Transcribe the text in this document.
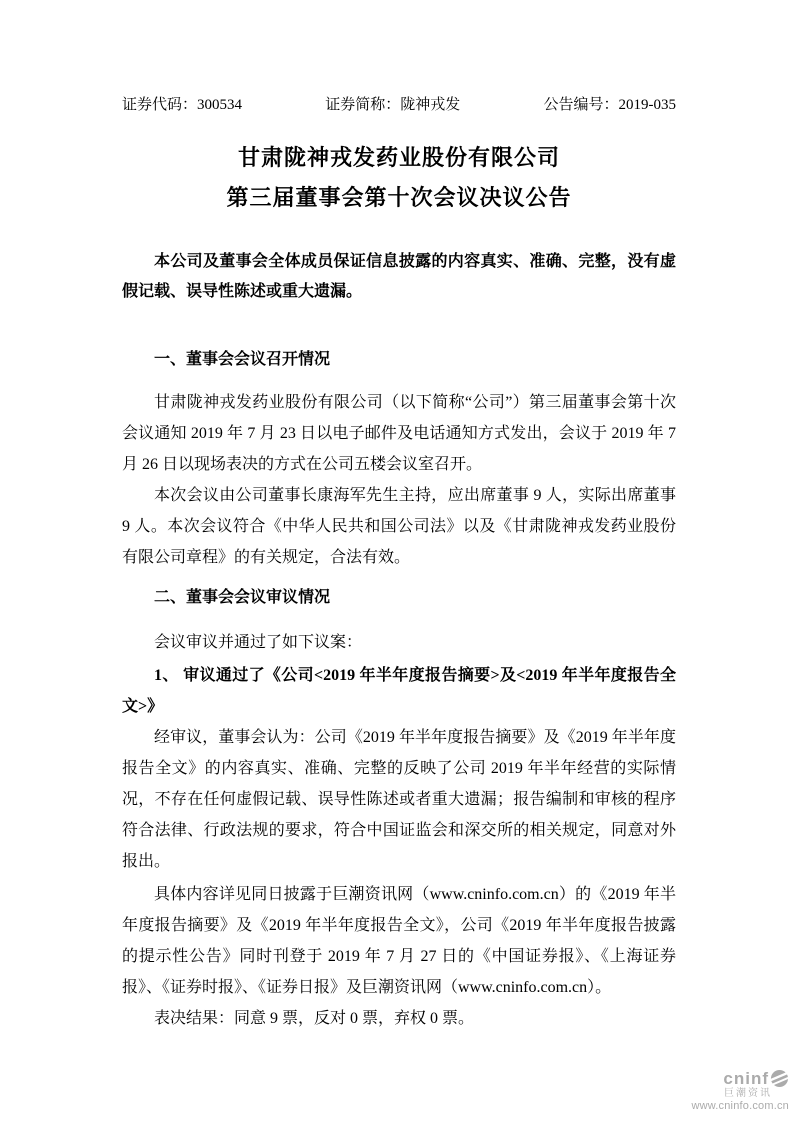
证券代码：300534	证券简称：陇神戎发	公告编号：2019-035
甘肃陇神戎发药业股份有限公司
第三届董事会第十次会议决议公告

本公司及董事会全体成员保证信息披露的内容真实、准确、完整，没有虚假记载、误导性陈述或重大遗漏。

一、董事会会议召开情况

甘肃陇神戎发药业股份有限公司（以下简称“公司”）第三届董事会第十次会议通知 2019 年 7 月 23 日以电子邮件及电话通知方式发出，会议于 2019 年 7 月 26 日以现场表决的方式在公司五楼会议室召开。

本次会议由公司董事长康海军先生主持，应出席董事 9 人，实际出席董事 9 人。本次会议符合《中华人民共和国公司法》以及《甘肃陇神戎发药业股份有限公司章程》的有关规定，合法有效。

二、董事会会议审议情况

会议审议并通过了如下议案：

1、 审议通过了《公司<2019 年半年度报告摘要>及<2019 年半年度报告全文>》

经审议，董事会认为：公司《2019 年半年度报告摘要》及《2019 年半年度报告全文》的内容真实、准确、完整的反映了公司 2019 年半年经营的实际情况，不存在任何虚假记载、误导性陈述或者重大遗漏；报告编制和审核的程序符合法律、行政法规的要求，符合中国证监会和深交所的相关规定，同意对外报出。

具体内容详见同日披露于巨潮资讯网（www.cninfo.com.cn）的《2019 年半年度报告摘要》及《2019 年半年度报告全文》，公司《2019 年半年度报告披露的提示性公告》同时刊登于 2019 年 7 月 27 日的《中国证券报》、《上海证券报》、《证券时报》、《证券日报》及巨潮资讯网（www.cninfo.com.cn）。

表决结果：同意 9 票，反对 0 票，弃权 0 票。

cninf
巨潮资讯
www.cninfo.com.cn
